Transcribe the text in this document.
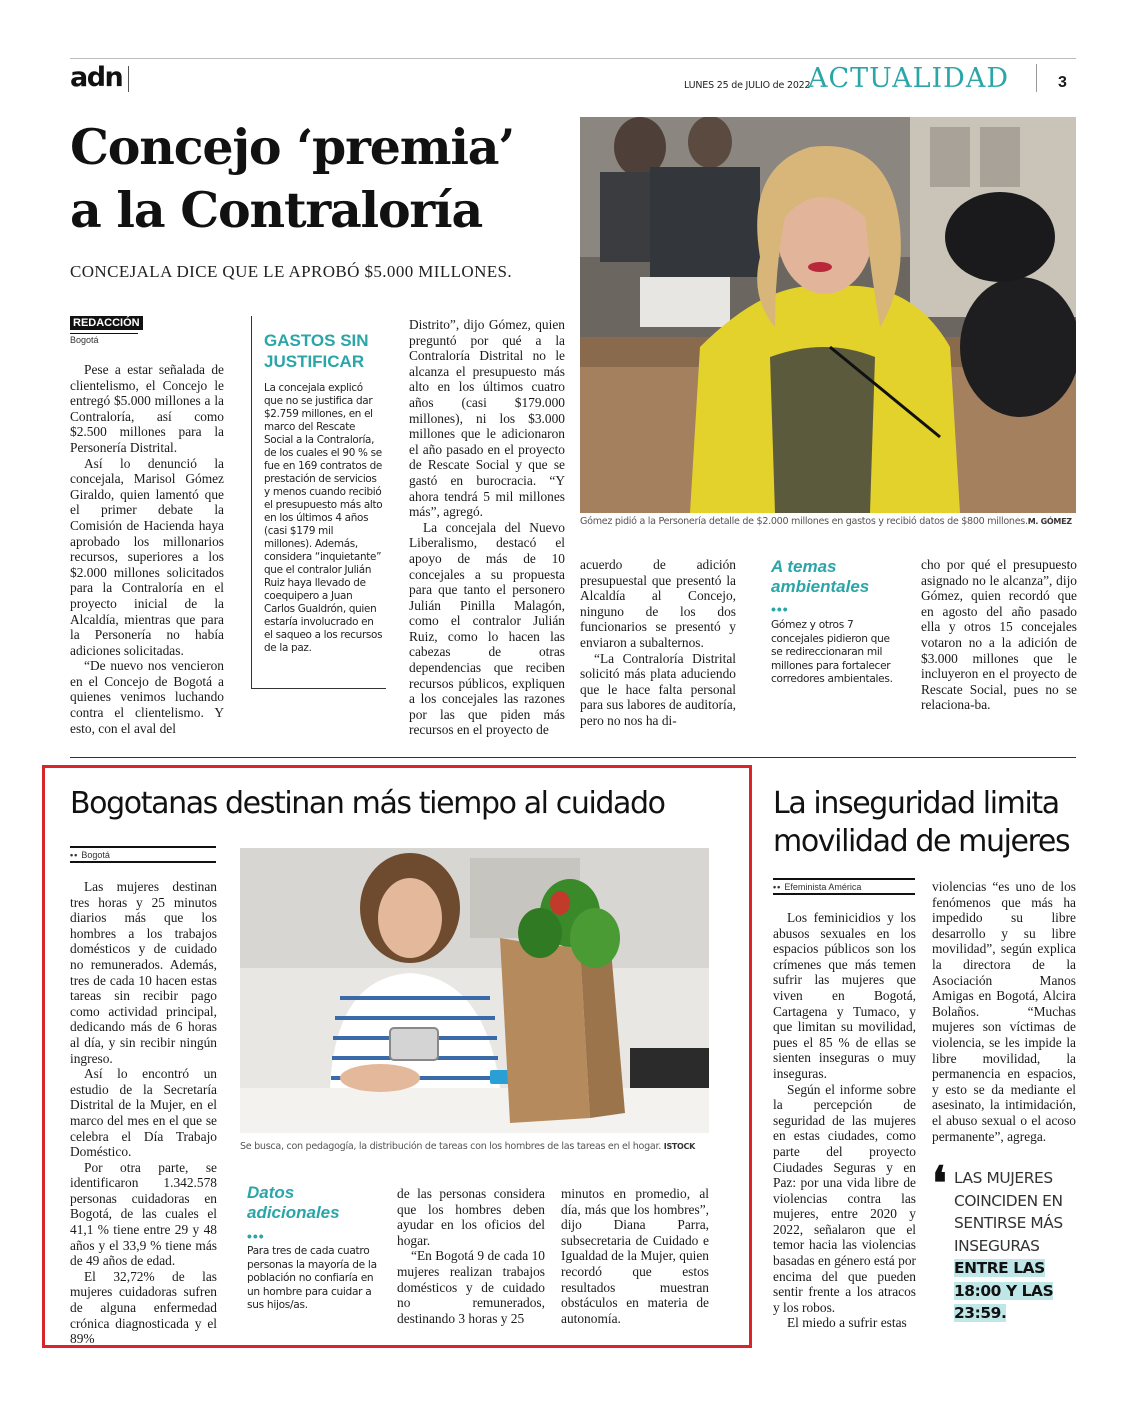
adn	LUNES 25 de JULIO de 2022
ACTUALIDAD	3
Concejo ‘premia’
a la Contraloría
CONCEJALA DICE QUE LE APROBÓ $5.000 MILLONES.
REDACCIÓN
Bogotá

Pese a estar señalada de clientelismo, el Concejo le entregó $5.000 millones a la Contraloría, así como $2.500 millones para la Personería Distrital.

Así lo denunció la concejala, Marisol Gómez Giraldo, quien lamentó que el primer debate la Comisión de Hacienda haya aprobado los millonarios recursos, superiores a los $2.000 millones solicitados para la Contraloría en el proyecto inicial de la Alcaldía, mientras que para la Personería no había adiciones solicitadas.

“De nuevo nos vencieron en el Concejo de Bogotá a quienes venimos luchando contra el clientelismo. Y esto, con el aval del

GASTOS SIN JUSTIFICAR
La concejala explicó que no se justifica dar $2.759 millones, en el marco del Rescate Social a la Contraloría, de los cuales el 90 % se fue en 169 contratos de prestación de servicios y menos cuando recibió el presupuesto más alto en los últimos 4 años (casi $179 mil millones). Además, considera “inquietante” que el contralor Julián Ruiz haya llevado de coequipero a Juan Carlos Gualdrón, quien estaría involucrado en el saqueo a los recursos de la paz.

Distrito”, dijo Gómez, quien preguntó por qué a la Contraloría Distrital no le alcanza el presupuesto más alto en los últimos cuatro años (casi $179.000 millones), ni los $3.000 millones que le adicionaron el año pasado en el proyecto de Rescate Social y que se gastó en burocracia. “Y ahora tendrá 5 mil millones más”, agregó.

La concejala del Nuevo Liberalismo, destacó el apoyo de más de 10 concejales a su propuesta para que tanto el personero Julián Pinilla Malagón, como el contralor Julián Ruiz, como lo hacen las cabezas de otras dependencias que reciben recursos públicos, expliquen a los concejales las razones por las que piden más recursos en el proyecto de

Gómez pidió a la Personería detalle de $2.000 millones en gastos y recibió datos de $800 millones.M. GÓMEZ

acuerdo de adición presupuestal que presentó la Alcaldía al Concejo, ninguno de los dos funcionarios se presentó y enviaron a subalternos.

“La Contraloría Distrital solicitó más plata aduciendo que le hace falta personal para sus labores de auditoría, pero no nos ha di-

A temas ambientales
•••
Gómez y otros 7 concejales pidieron que se redireccionaran mil millones para fortalecer corredores ambientales.

cho por qué el presupuesto asignado no le alcanza”, dijo Gómez, quien recordó que en agosto del año pasado ella y otros 15 concejales votaron no a la adición de $3.000 millones que le incluyeron en el proyecto de Rescate Social, pues no se relaciona-ba.

Bogotanas destinan más tiempo al cuidado
•• Bogotá

Las mujeres destinan tres horas y 25 minutos diarios más que los hombres a los trabajos domésticos y de cuidado no remunerados. Además, tres de cada 10 hacen estas tareas sin recibir pago como actividad principal, dedicando más de 6 horas al día, y sin recibir ningún ingreso.

Así lo encontró un estudio de la Secretaría Distrital de la Mujer, en el marco del mes en el que se celebra el Día Trabajo Doméstico.

Por otra parte, se identificaron 1.342.578 personas cuidadoras en Bogotá, de las cuales el 41,1 % tiene entre 29 y 48 años y el 33,9 % tiene más de 49 años de edad.

El 32,72% de las mujeres cuidadoras sufren de alguna enfermedad crónica diagnosticada y el 89%

Se busca, con pedagogía, la distribución de tareas con los hombres de las tareas en el hogar. ISTOCK
Datos adicionales
•••
Para tres de cada cuatro personas la mayoría de la población no confiaría en un hombre para cuidar a sus hijos/as.

de las personas considera que los hombres deben ayudar en los oficios del hogar.

“En Bogotá 9 de cada 10 mujeres realizan trabajos domésticos y de cuidado no remunerados, destinando 3 horas y 25

minutos en promedio, al día, más que los hombres”, dijo Diana Parra, subsecretaria de Cuidado e Igualdad de la Mujer, quien recordó que estos resultados muestran obstáculos en materia de autonomía.

La inseguridad limita
movilidad de mujeres
•• Efeminista América

Los feminicidios y los abusos sexuales en los espacios públicos son los crímenes que más temen sufrir las mujeres que viven en Bogotá, Cartagena y Tumaco, y que limitan su movilidad, pues el 85 % de ellas se sienten inseguras o muy inseguras.

Según el informe sobre la percepción de seguridad de las mujeres en estas ciudades, como parte del proyecto Ciudades Seguras y en Paz: por una vida libre de violencias contra las mujeres, entre 2020 y 2022, señalaron que el temor hacia las violencias basadas en género está por encima del que pueden sentir frente a los atracos y los robos.

El miedo a sufrir estas

violencias “es uno de los fenómenos que más ha impedido su libre desarrollo y su libre movilidad”, según explica la directora de la Asociación Manos Amigas en Bogotá, Alcira Bolaños. “Muchas mujeres son víctimas de violencia, se les impide la libre movilidad, la permanencia en espacios, y esto se da mediante el asesinato, la intimidación, el abuso sexual o el acoso permanente”, agrega.

❛ LAS MUJERES COINCIDEN EN SENTIRSE MÁS INSEGURAS ENTRE LAS 18:00 Y LAS 23:59.
